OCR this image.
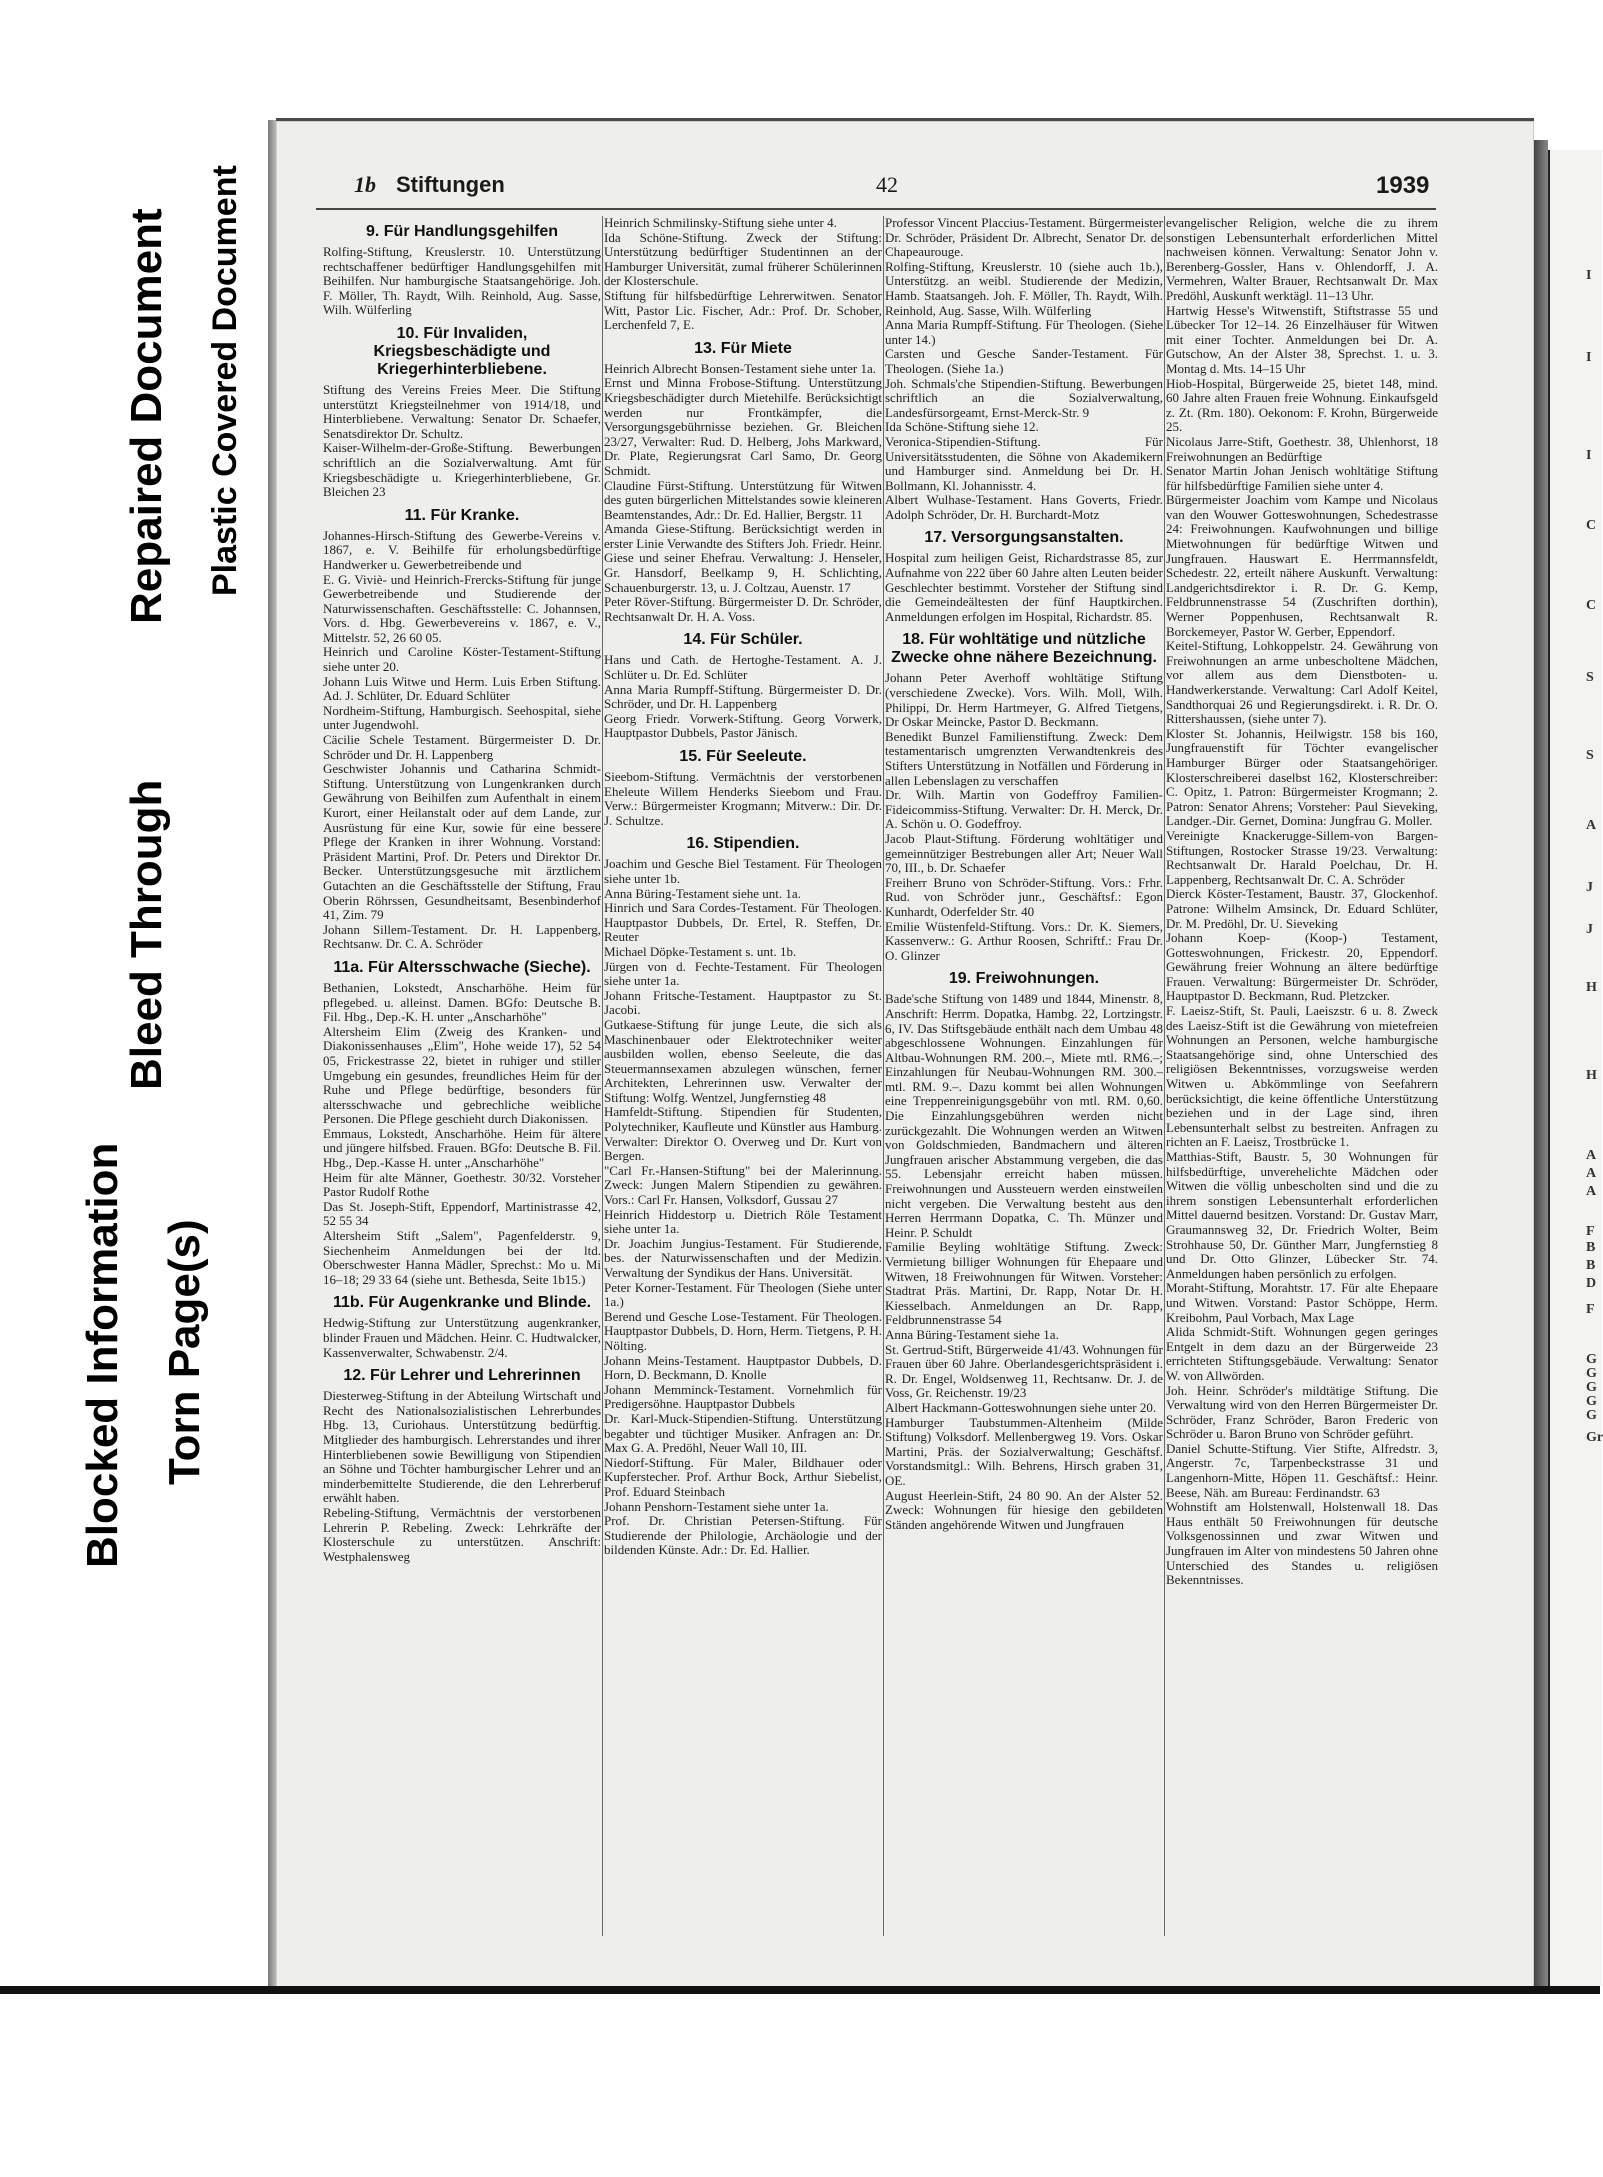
Blocked Information
Bleed Through
Repaired Document
Torn Page(s)
Plastic Covered Document	I
I
I
C
C
S
S
A
J
J
H
H
A
A
A
F
B
B
D
F
G
G
G
G
G
Gr
1b Stiftungen	42	1939
9. Für Handlungsgehilfen

Rolfing-Stiftung, Kreuslerstr. 10. Unterstützung rechtschaffener bedürftiger Handlungsgehilfen mit Beihilfen. Nur hamburgische Staatsangehörige. Joh. F. Möller, Th. Raydt, Wilh. Reinhold, Aug. Sasse, Wilh. Wülferling

10. Für Invaliden, Kriegsbeschädigte und Kriegerhinterbliebene.

Stiftung des Vereins Freies Meer. Die Stiftung unterstützt Kriegsteilnehmer von 1914/18, und Hinterbliebene. Verwaltung: Senator Dr. Schaefer, Senatsdirektor Dr. Schultz.

Kaiser-Wilhelm-der-Große-Stiftung. Bewerbungen schriftlich an die Sozialverwaltung. Amt für Kriegsbeschädigte u. Kriegerhinterbliebene, Gr. Bleichen 23

11. Für Kranke.

Johannes-Hirsch-Stiftung des Gewerbe-Vereins v. 1867, e. V. Beihilfe für erholungsbedürftige Handwerker u. Gewerbetreibende und

E. G. Viviè- und Heinrich-Frercks-Stiftung für junge Gewerbetreibende und Studierende der Naturwissenschaften. Geschäftsstelle: C. Johannsen, Vors. d. Hbg. Gewerbevereins v. 1867, e. V., Mittelstr. 52, 26 60 05.

Heinrich und Caroline Köster-Testament-Stiftung siehe unter 20.

Johann Luis Witwe und Herm. Luis Erben Stiftung. Ad. J. Schlüter, Dr. Eduard Schlüter

Nordheim-Stiftung, Hamburgisch. Seehospital, siehe unter Jugendwohl.

Cäcilie Schele Testament. Bürgermeister D. Dr. Schröder und Dr. H. Lappenberg

Geschwister Johannis und Catharina Schmidt-Stiftung. Unterstützung von Lungenkranken durch Gewährung von Beihilfen zum Aufenthalt in einem Kurort, einer Heilanstalt oder auf dem Lande, zur Ausrüstung für eine Kur, sowie für eine bessere Pflege der Kranken in ihrer Wohnung. Vorstand: Präsident Martini, Prof. Dr. Peters und Direktor Dr. Becker. Unterstützungsgesuche mit ärztlichem Gutachten an die Geschäftsstelle der Stiftung, Frau Oberin Röhrssen, Gesundheitsamt, Besenbinderhof 41, Zim. 79

Johann Sillem-Testament. Dr. H. Lappenberg, Rechtsanw. Dr. C. A. Schröder

11a. Für Altersschwache (Sieche).

Bethanien, Lokstedt, Anscharhöhe. Heim für pflegebed. u. alleinst. Damen. BGfo: Deutsche B. Fil. Hbg., Dep.-K. H. unter „Anscharhöhe"

Altersheim Elim (Zweig des Kranken- und Diakonissenhauses „Elim", Hohe weide 17), 52 54 05, Frickestrasse 22, bietet in ruhiger und stiller Umgebung ein gesundes, freundliches Heim für der Ruhe und Pflege bedürftige, besonders für altersschwache und gebrechliche weibliche Personen. Die Pflege geschieht durch Diakonissen.

Emmaus, Lokstedt, Anscharhöhe. Heim für ältere und jüngere hilfsbed. Frauen. BGfo: Deutsche B. Fil. Hbg., Dep.-Kasse H. unter „Anscharhöhe"

Heim für alte Männer, Goethestr. 30/32. Vorsteher Pastor Rudolf Rothe

Das St. Joseph-Stift, Eppendorf, Martinistrasse 42, 52 55 34

Altersheim Stift „Salem", Pagenfelderstr. 9, Siechenheim Anmeldungen bei der ltd. Oberschwester Hanna Mädler, Sprechst.: Mo u. Mi 16–18; 29 33 64 (siehe unt. Bethesda, Seite 1b15.)

11b. Für Augenkranke und Blinde.

Hedwig-Stiftung zur Unterstützung augenkranker, blinder Frauen und Mädchen. Heinr. C. Hudtwalcker, Kassenverwalter, Schwabenstr. 2/4.

12. Für Lehrer und Lehrerinnen

Diesterweg-Stiftung in der Abteilung Wirtschaft und Recht des Nationalsozialistischen Lehrerbundes Hbg. 13, Curiohaus. Unterstützung bedürftig. Mitglieder des hamburgisch. Lehrerstandes und ihrer Hinterbliebenen sowie Bewilligung von Stipendien an Söhne und Töchter hamburgischer Lehrer und an minderbemittelte Studierende, die den Lehrerberuf erwählt haben.

Rebeling-Stiftung, Vermächtnis der verstorbenen Lehrerin P. Rebeling. Zweck: Lehrkräfte der Klosterschule zu unterstützen. Anschrift: Westphalensweg

Heinrich Schmilinsky-Stiftung siehe unter 4.

Ida Schöne-Stiftung. Zweck der Stiftung: Unterstützung bedürftiger Studentinnen an der Hamburger Universität, zumal früherer Schülerinnen der Klosterschule.

Stiftung für hilfsbedürftige Lehrerwitwen. Senator Witt, Pastor Lic. Fischer, Adr.: Prof. Dr. Schober, Lerchenfeld 7, E.

13. Für Miete

Heinrich Albrecht Bonsen-Testament siehe unter 1a.

Ernst und Minna Frobose-Stiftung. Unterstützung Kriegsbeschädigter durch Mietehilfe. Berücksichtigt werden nur Frontkämpfer, die Versorgungsgebührnisse beziehen. Gr. Bleichen 23/27, Verwalter: Rud. D. Helberg, Johs Markward, Dr. Plate, Regierungsrat Carl Samo, Dr. Georg Schmidt.

Claudine Fürst-Stiftung. Unterstützung für Witwen des guten bürgerlichen Mittelstandes sowie kleineren Beamtenstandes, Adr.: Dr. Ed. Hallier, Bergstr. 11

Amanda Giese-Stiftung. Berücksichtigt werden in erster Linie Verwandte des Stifters Joh. Friedr. Heinr. Giese und seiner Ehefrau. Verwaltung: J. Henseler, Gr. Hansdorf, Beelkamp 9, H. Schlichting, Schauenburgerstr. 13, u. J. Coltzau, Auenstr. 17

Peter Röver-Stiftung. Bürgermeister D. Dr. Schröder, Rechtsanwalt Dr. H. A. Voss.

14. Für Schüler.

Hans und Cath. de Hertoghe-Testament. A. J. Schlüter u. Dr. Ed. Schlüter

Anna Maria Rumpff-Stiftung. Bürgermeister D. Dr. Schröder, und Dr. H. Lappenberg

Georg Friedr. Vorwerk-Stiftung. Georg Vorwerk, Hauptpastor Dubbels, Pastor Jänisch.

15. Für Seeleute.

Sieebom-Stiftung. Vermächtnis der verstorbenen Eheleute Willem Henderks Sieebom und Frau. Verw.: Bürgermeister Krogmann; Mitverw.: Dir. Dr. J. Schultze.

16. Stipendien.

Joachim und Gesche Biel Testament. Für Theologen siehe unter 1b.

Anna Büring-Testament siehe unt. 1a.

Hinrich und Sara Cordes-Testament. Für Theologen. Hauptpastor Dubbels, Dr. Ertel, R. Steffen, Dr. Reuter

Michael Döpke-Testament s. unt. 1b.

Jürgen von d. Fechte-Testament. Für Theologen siehe unter 1a.

Johann Fritsche-Testament. Hauptpastor zu St. Jacobi.

Gutkaese-Stiftung für junge Leute, die sich als Maschinenbauer oder Elektrotechniker weiter ausbilden wollen, ebenso Seeleute, die das Steuermannsexamen abzulegen wünschen, ferner Architekten, Lehrerinnen usw. Verwalter der Stiftung: Wolfg. Wentzel, Jungfernstieg 48

Hamfeldt-Stiftung. Stipendien für Studenten, Polytechniker, Kaufleute und Künstler aus Hamburg. Verwalter: Direktor O. Overweg und Dr. Kurt von Bergen.

"Carl Fr.-Hansen-Stiftung" bei der Malerinnung. Zweck: Jungen Malern Stipendien zu gewähren. Vors.: Carl Fr. Hansen, Volksdorf, Gussau 27

Heinrich Hiddestorp u. Dietrich Röle Testament siehe unter 1a.

Dr. Joachim Jungius-Testament. Für Studierende, bes. der Naturwissenschaften und der Medizin. Verwaltung der Syndikus der Hans. Universität.

Peter Korner-Testament. Für Theologen (Siehe unter 1a.)

Berend und Gesche Lose-Testament. Für Theologen. Hauptpastor Dubbels, D. Horn, Herm. Tietgens, P. H. Nölting.

Johann Meins-Testament. Hauptpastor Dubbels, D. Horn, D. Beckmann, D. Knolle

Johann Memminck-Testament. Vornehmlich für Predigersöhne. Hauptpastor Dubbels

Dr. Karl-Muck-Stipendien-Stiftung. Unterstützung begabter und tüchtiger Musiker. Anfragen an: Dr. Max G. A. Predöhl, Neuer Wall 10, III.

Niedorf-Stiftung. Für Maler, Bildhauer oder Kupferstecher. Prof. Arthur Bock, Arthur Siebelist, Prof. Eduard Steinbach

Johann Penshorn-Testament siehe unter 1a.

Prof. Dr. Christian Petersen-Stiftung. Für Studierende der Philologie, Archäologie und der bildenden Künste. Adr.: Dr. Ed. Hallier.

Professor Vincent Placcius-Testament. Bürgermeister Dr. Schröder, Präsident Dr. Albrecht, Senator Dr. de Chapeaurouge.

Rolfing-Stiftung, Kreuslerstr. 10 (siehe auch 1b.), Unterstützg. an weibl. Studierende der Medizin, Hamb. Staatsangeh. Joh. F. Möller, Th. Raydt, Wilh. Reinhold, Aug. Sasse, Wilh. Wülferling

Anna Maria Rumpff-Stiftung. Für Theologen. (Siehe unter 14.)

Carsten und Gesche Sander-Testament. Für Theologen. (Siehe 1a.)

Joh. Schmals'che Stipendien-Stiftung. Bewerbungen schriftlich an die Sozialverwaltung, Landesfürsorgeamt, Ernst-Merck-Str. 9

Ida Schöne-Stiftung siehe 12.

Veronica-Stipendien-Stiftung. Für Universitätsstudenten, die Söhne von Akademikern und Hamburger sind. Anmeldung bei Dr. H. Bollmann, Kl. Johannisstr. 4.

Albert Wulhase-Testament. Hans Goverts, Friedr. Adolph Schröder, Dr. H. Burchardt-Motz

17. Versorgungsanstalten.

Hospital zum heiligen Geist, Richardstrasse 85, zur Aufnahme von 222 über 60 Jahre alten Leuten beider Geschlechter bestimmt. Vorsteher der Stiftung sind die Gemeindeältesten der fünf Hauptkirchen. Anmeldungen erfolgen im Hospital, Richardstr. 85.

18. Für wohltätige und nützliche Zwecke ohne nähere Bezeichnung.

Johann Peter Averhoff wohltätige Stiftung (verschiedene Zwecke). Vors. Wilh. Moll, Wilh. Philippi, Dr. Herm Hartmeyer, G. Alfred Tietgens, Dr Oskar Meincke, Pastor D. Beckmann.

Benedikt Bunzel Familienstiftung. Zweck: Dem testamentarisch umgrenzten Verwandtenkreis des Stifters Unterstützung in Notfällen und Förderung in allen Lebenslagen zu verschaffen

Dr. Wilh. Martin von Godeffroy Familien-Fideicommiss-Stiftung. Verwalter: Dr. H. Merck, Dr. A. Schön u. O. Godeffroy.

Jacob Plaut-Stiftung. Förderung wohltätiger und gemeinnütziger Bestrebungen aller Art; Neuer Wall 70, III., b. Dr. Schaefer

Freiherr Bruno von Schröder-Stiftung. Vors.: Frhr. Rud. von Schröder junr., Geschäftsf.: Egon Kunhardt, Oderfelder Str. 40

Emilie Wüstenfeld-Stiftung. Vors.: Dr. K. Siemers, Kassenverw.: G. Arthur Roosen, Schriftf.: Frau Dr. O. Glinzer

19. Freiwohnungen.

Bade'sche Stiftung von 1489 und 1844, Minenstr. 8, Anschrift: Herrm. Dopatka, Hambg. 22, Lortzingstr. 6, IV. Das Stiftsgebäude enthält nach dem Umbau 48 abgeschlossene Wohnungen. Einzahlungen für Altbau-Wohnungen RM. 200.–, Miete mtl. RM6.–; Einzahlungen für Neubau-Wohnungen RM. 300.– mtl. RM. 9.–. Dazu kommt bei allen Wohnungen eine Treppenreinigungsgebühr von mtl. RM. 0,60. Die Einzahlungsgebühren werden nicht zurückgezahlt. Die Wohnungen werden an Witwen von Goldschmieden, Bandmachern und älteren Jungfrauen arischer Abstammung vergeben, die das 55. Lebensjahr erreicht haben müssen. Freiwohnungen und Aussteuern werden einstweilen nicht vergeben. Die Verwaltung besteht aus den Herren Herrmann Dopatka, C. Th. Münzer und Heinr. P. Schuldt

Familie Beyling wohltätige Stiftung. Zweck: Vermietung billiger Wohnungen für Ehepaare und Witwen, 18 Freiwohnungen für Witwen. Vorsteher: Stadtrat Präs. Martini, Dr. Rapp, Notar Dr. H. Kiesselbach. Anmeldungen an Dr. Rapp, Feldbrunnenstrasse 54

Anna Büring-Testament siehe 1a.

St. Gertrud-Stift, Bürgerweide 41/43. Wohnungen für Frauen über 60 Jahre. Oberlandesgerichtspräsident i. R. Dr. Engel, Woldsenweg 11, Rechtsanw. Dr. J. de Voss, Gr. Reichenstr. 19/23

Albert Hackmann-Gotteswohnungen siehe unter 20.

Hamburger Taubstummen-Altenheim (Milde Stiftung) Volksdorf. Mellenbergweg 19. Vors. Oskar Martini, Präs. der Sozialverwaltung; Geschäftsf. Vorstandsmitgl.: Wilh. Behrens, Hirsch graben 31, OE.

August Heerlein-Stift, 24 80 90. An der Alster 52. Zweck: Wohnungen für hiesige den gebildeten Ständen angehörende Witwen und Jungfrauen

evangelischer Religion, welche die zu ihrem sonstigen Lebensunterhalt erforderlichen Mittel nachweisen können. Verwaltung: Senator John v. Berenberg-Gossler, Hans v. Ohlendorff, J. A. Vermehren, Walter Brauer, Rechtsanwalt Dr. Max Predöhl, Auskunft werktägl. 11–13 Uhr.

Hartwig Hesse's Witwenstift, Stiftstrasse 55 und Lübecker Tor 12–14. 26 Einzelhäuser für Witwen mit einer Tochter. Anmeldungen bei Dr. A. Gutschow, An der Alster 38, Sprechst. 1. u. 3. Montag d. Mts. 14–15 Uhr

Hiob-Hospital, Bürgerweide 25, bietet 148, mind. 60 Jahre alten Frauen freie Wohnung. Einkaufsgeld z. Zt. (Rm. 180). Oekonom: F. Krohn, Bürgerweide 25.

Nicolaus Jarre-Stift, Goethestr. 38, Uhlenhorst, 18 Freiwohnungen an Bedürftige

Senator Martin Johan Jenisch wohltätige Stiftung für hilfsbedürftige Familien siehe unter 4.

Bürgermeister Joachim vom Kampe und Nicolaus van den Wouwer Gotteswohnungen, Schedestrasse 24: Freiwohnungen. Kaufwohnungen und billige Mietwohnungen für bedürftige Witwen und Jungfrauen. Hauswart E. Herrmannsfeldt, Schedestr. 22, erteilt nähere Auskunft. Verwaltung: Landgerichtsdirektor i. R. Dr. G. Kemp, Feldbrunnenstrasse 54 (Zuschriften dorthin), Werner Poppenhusen, Rechtsanwalt R. Borckemeyer, Pastor W. Gerber, Eppendorf.

Keitel-Stiftung, Lohkoppelstr. 24. Gewährung von Freiwohnungen an arme unbescholtene Mädchen, vor allem aus dem Dienstboten- u. Handwerkerstande. Verwaltung: Carl Adolf Keitel, Sandthorquai 26 und Regierungsdirekt. i. R. Dr. O. Rittershaussen, (siehe unter 7).

Kloster St. Johannis, Heilwigstr. 158 bis 160, Jungfrauenstift für Töchter evangelischer Hamburger Bürger oder Staatsangehöriger. Klosterschreiberei daselbst 162, Klosterschreiber: C. Opitz, 1. Patron: Bürgermeister Krogmann; 2. Patron: Senator Ahrens; Vorsteher: Paul Sieveking, Landger.-Dir. Gernet, Domina: Jungfrau G. Moller.

Vereinigte Knackerugge-Sillem-von Bargen-Stiftungen, Rostocker Strasse 19/23. Verwaltung: Rechtsanwalt Dr. Harald Poelchau, Dr. H. Lappenberg, Rechtsanwalt Dr. C. A. Schröder

Dierck Köster-Testament, Baustr. 37, Glockenhof. Patrone: Wilhelm Amsinck, Dr. Eduard Schlüter, Dr. M. Predöhl, Dr. U. Sieveking

Johann Koep- (Koop-) Testament, Gotteswohnungen, Frickestr. 20, Eppendorf. Gewährung freier Wohnung an ältere bedürftige Frauen. Verwaltung: Bürgermeister Dr. Schröder, Hauptpastor D. Beckmann, Rud. Pletzcker.

F. Laeisz-Stift, St. Pauli, Laeiszstr. 6 u. 8. Zweck des Laeisz-Stift ist die Gewährung von mietefreien Wohnungen an Personen, welche hamburgische Staatsangehörige sind, ohne Unterschied des religiösen Bekenntnisses, vorzugsweise werden Witwen u. Abkömmlinge von Seefahrern berücksichtigt, die keine öffentliche Unterstützung beziehen und in der Lage sind, ihren Lebensunterhalt selbst zu bestreiten. Anfragen zu richten an F. Laeisz, Trostbrücke 1.

Matthias-Stift, Baustr. 5, 30 Wohnungen für hilfsbedürftige, unverehelichte Mädchen oder Witwen die völlig unbescholten sind und die zu ihrem sonstigen Lebensunterhalt erforderlichen Mittel dauernd besitzen. Vorstand: Dr. Gustav Marr, Graumannsweg 32, Dr. Friedrich Wolter, Beim Strohhause 50, Dr. Günther Marr, Jungfernstieg 8 und Dr. Otto Glinzer, Lübecker Str. 74. Anmeldungen haben persönlich zu erfolgen.

Moraht-Stiftung, Morahtstr. 17. Für alte Ehepaare und Witwen. Vorstand: Pastor Schöppe, Herm. Kreibohm, Paul Vorbach, Max Lage

Alida Schmidt-Stift. Wohnungen gegen geringes Entgelt in dem dazu an der Bürgerweide 23 errichteten Stiftungsgebäude. Verwaltung: Senator W. von Allwörden.

Joh. Heinr. Schröder's mildtätige Stiftung. Die Verwaltung wird von den Herren Bürgermeister Dr. Schröder, Franz Schröder, Baron Frederic von Schröder u. Baron Bruno von Schröder geführt.

Daniel Schutte-Stiftung. Vier Stifte, Alfredstr. 3, Angerstr. 7c, Tarpenbeckstrasse 31 und Langenhorn-Mitte, Höpen 11. Geschäftsf.: Heinr. Beese, Näh. am Bureau: Ferdinandstr. 63

Wohnstift am Holstenwall, Holstenwall 18. Das Haus enthält 50 Freiwohnungen für deutsche Volksgenossinnen und zwar Witwen und Jungfrauen im Alter von mindestens 50 Jahren ohne Unterschied des Standes u. religiösen Bekenntnisses.
